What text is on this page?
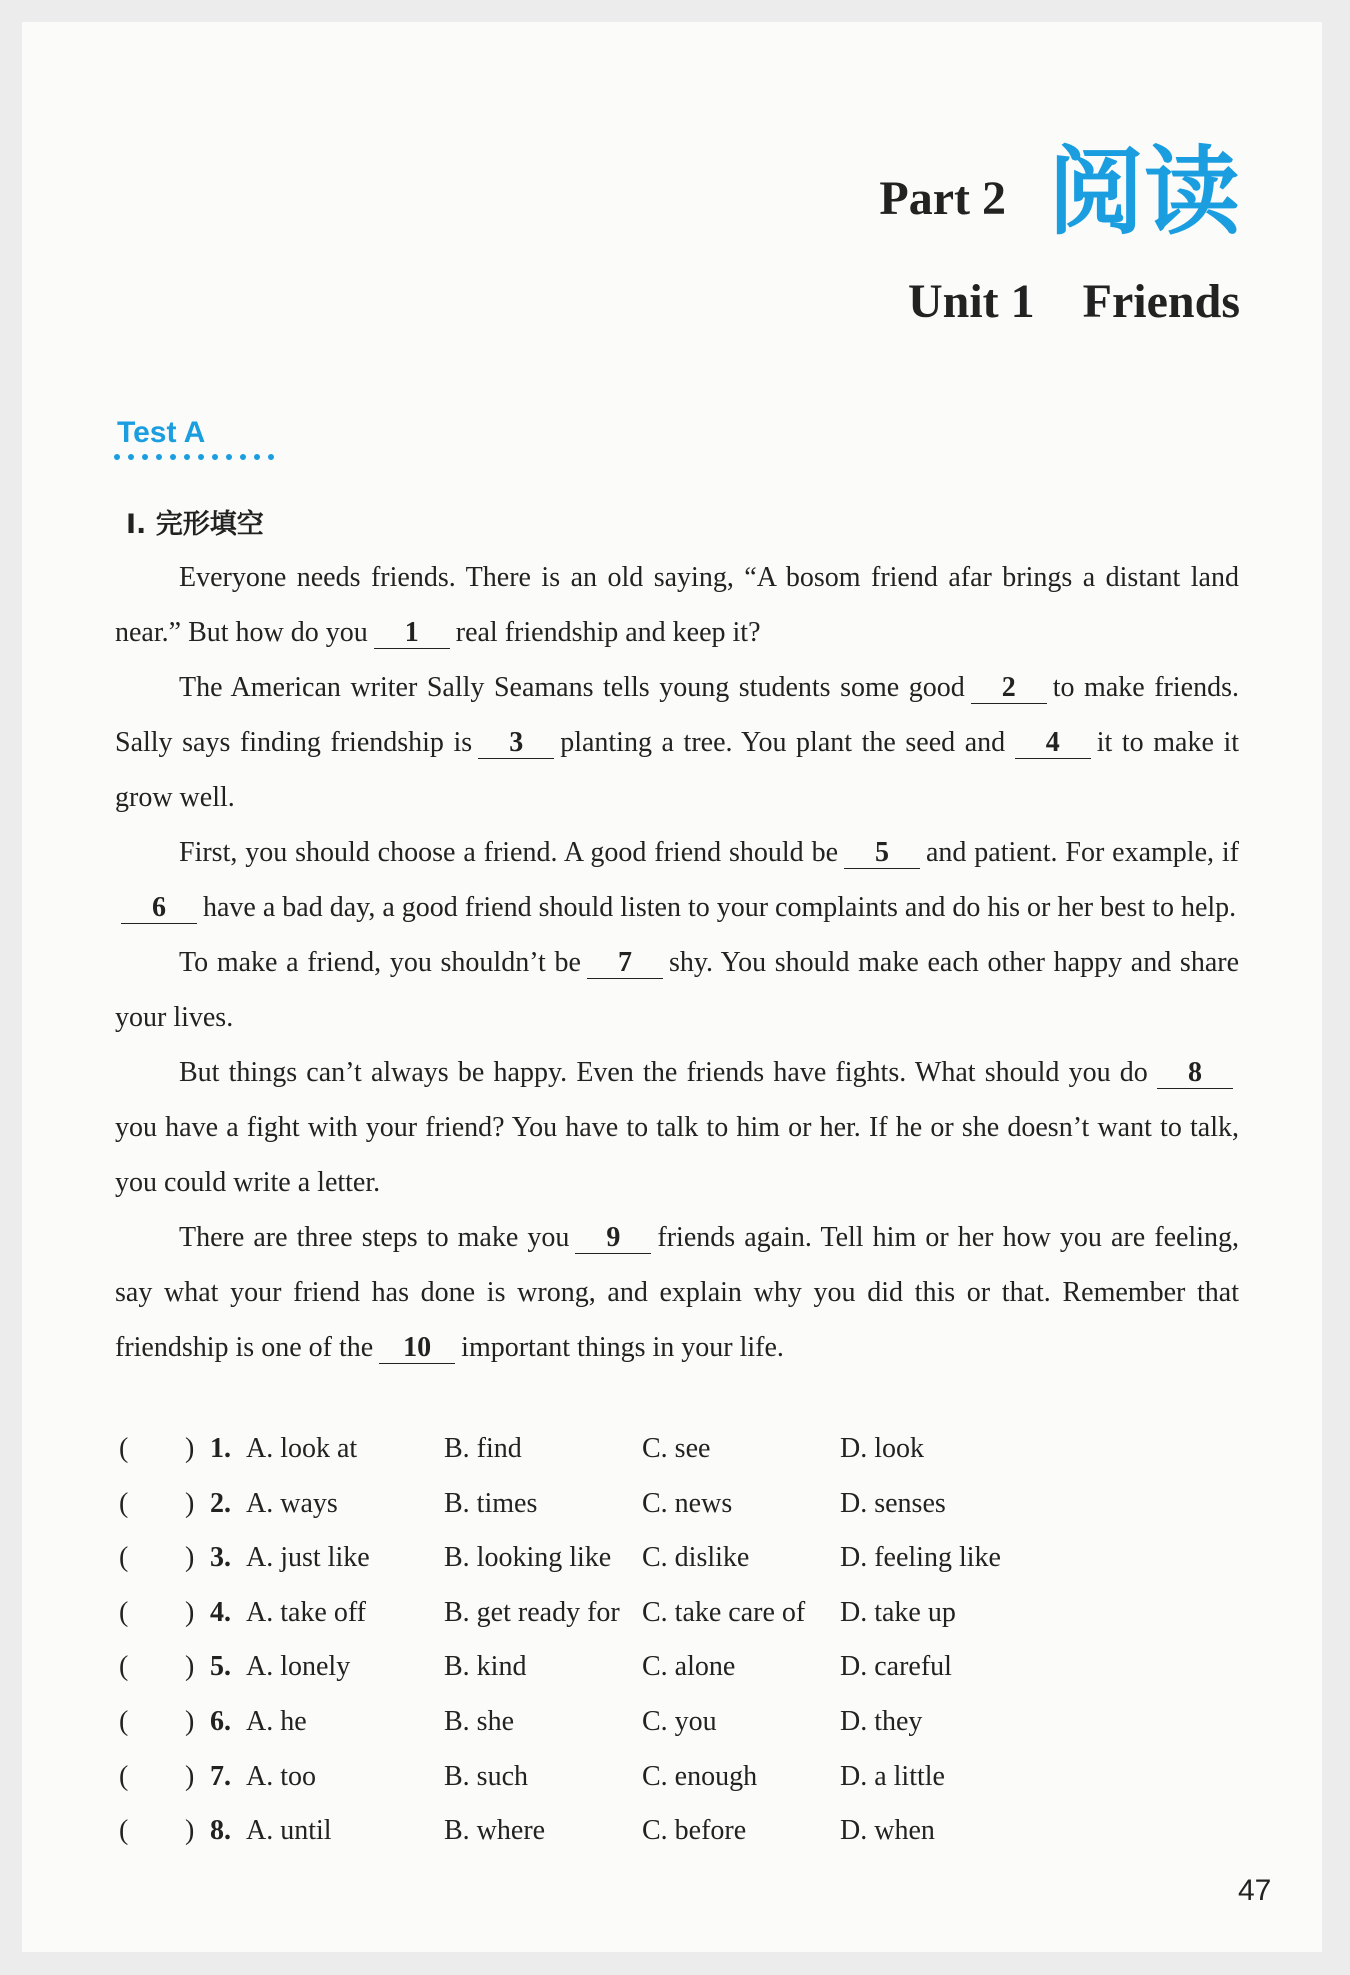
Part 2 阅读
Unit 1    Friends
Test A
Ⅰ. 完形填空

Everyone needs friends. There is an old saying, “A bosom friend afar brings a distant land near.” But how do you 1 real friendship and keep it?

The American writer Sally Seamans tells young students some good 2 to make friends. Sally says finding friendship is 3 planting a tree. You plant the seed and 4 it to make it grow well.

First, you should choose a friend. A good friend should be 5 and patient. For example, if6 have a bad day, a good friend should listen to your complaints and do his or her best to help.

To make a friend, you shouldn’t be 7 shy. You should make each other happy and share your lives.

But things can’t always be happy. Even the friends have fights. What should you do 8you have a fight with your friend? You have to talk to him or her. If he or she doesn’t want to talk, you could write a letter.

There are three steps to make you 9 friends again. Tell him or her how you are feeling, say what your friend has done is wrong, and explain why you did this or that. Remember that friendship is one of the 10 important things in your life.

( ) 1. A. look at	B. find	C. see	D. look
( ) 2. A. ways	B. times	C. news	D. senses
( ) 3. A. just like	B. looking like C. dislike	D. feeling like
( ) 4. A. take off	B. get ready for C. take care of D. take up
( ) 5. A. lonely	B. kind	C. alone	D. careful
( ) 6. A. he	B. she	C. you	D. they
( ) 7. A. too	B. such	C. enough	D. a little
( ) 8. A. until	B. where	C. before	D. when
47
